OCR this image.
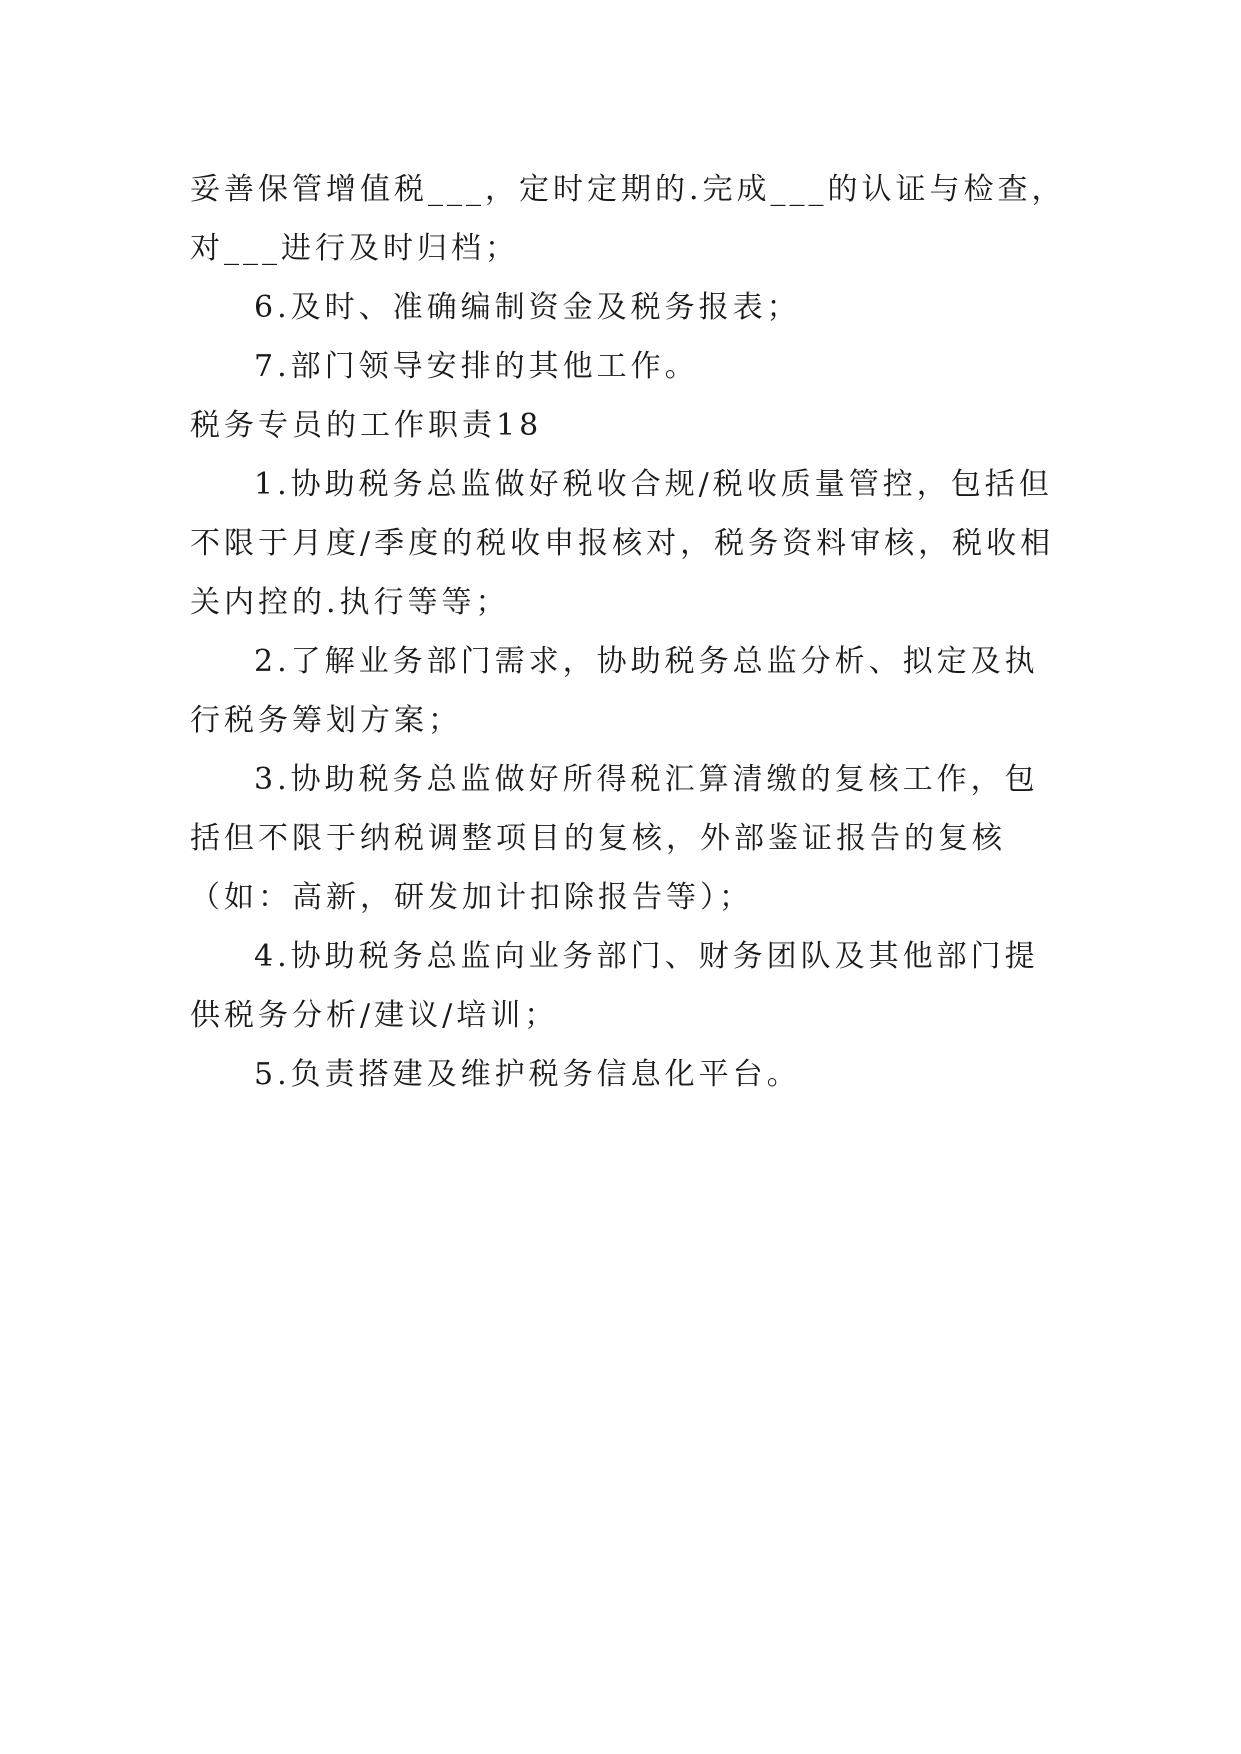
妥善保管增值税___，定时定期的.完成___的认证与检查，对___进行及时归档；

6.及时、准确编制资金及税务报表；

7.部门领导安排的其他工作。

税务专员的工作职责18

1.协助税务总监做好税收合规/税收质量管控，包括但不限于月度/季度的税收申报核对，税务资料审核，税收相关内控的.执行等等；

2.了解业务部门需求，协助税务总监分析、拟定及执行税务筹划方案；

3.协助税务总监做好所得税汇算清缴的复核工作，包括但不限于纳税调整项目的复核，外部鉴证报告的复核（如：高新，研发加计扣除报告等）；

4.协助税务总监向业务部门、财务团队及其他部门提供税务分析/建议/培训；

5.负责搭建及维护税务信息化平台。
